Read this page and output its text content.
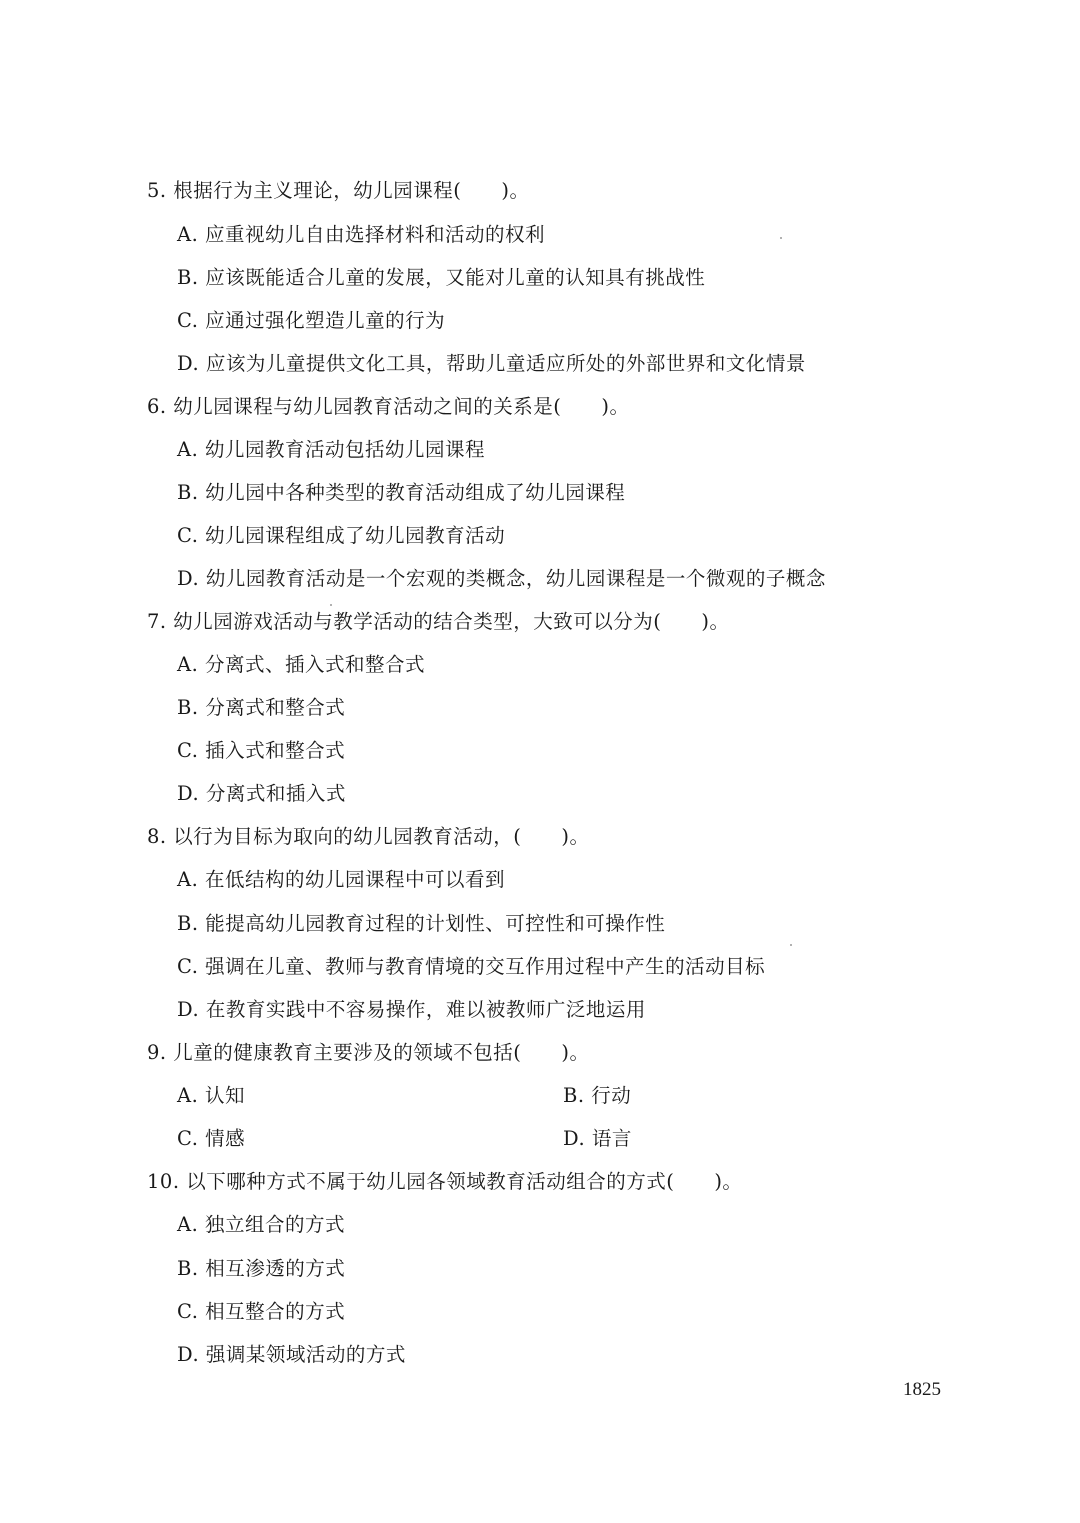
5. 根据行为主义理论，幼儿园课程(　　)。
A. 应重视幼儿自由选择材料和活动的权利
B. 应该既能适合儿童的发展，又能对儿童的认知具有挑战性
C. 应通过强化塑造儿童的行为
D. 应该为儿童提供文化工具，帮助儿童适应所处的外部世界和文化情景
6. 幼儿园课程与幼儿园教育活动之间的关系是(　　)。
A. 幼儿园教育活动包括幼儿园课程
B. 幼儿园中各种类型的教育活动组成了幼儿园课程
C. 幼儿园课程组成了幼儿园教育活动
D. 幼儿园教育活动是一个宏观的类概念，幼儿园课程是一个微观的子概念
7. 幼儿园游戏活动与教学活动的结合类型，大致可以分为(　　)。
A. 分离式、插入式和整合式
B. 分离式和整合式
C. 插入式和整合式
D. 分离式和插入式
8. 以行为目标为取向的幼儿园教育活动，(　　)。
A. 在低结构的幼儿园课程中可以看到
B. 能提高幼儿园教育过程的计划性、可控性和可操作性
C. 强调在儿童、教师与教育情境的交互作用过程中产生的活动目标
D. 在教育实践中不容易操作，难以被教师广泛地运用
9. 儿童的健康教育主要涉及的领域不包括(　　)。
A. 认知	B. 行动
C. 情感	D. 语言
10. 以下哪种方式不属于幼儿园各领域教育活动组合的方式(　　)。
A. 独立组合的方式
B. 相互渗透的方式
C. 相互整合的方式
D. 强调某领域活动的方式
1825
